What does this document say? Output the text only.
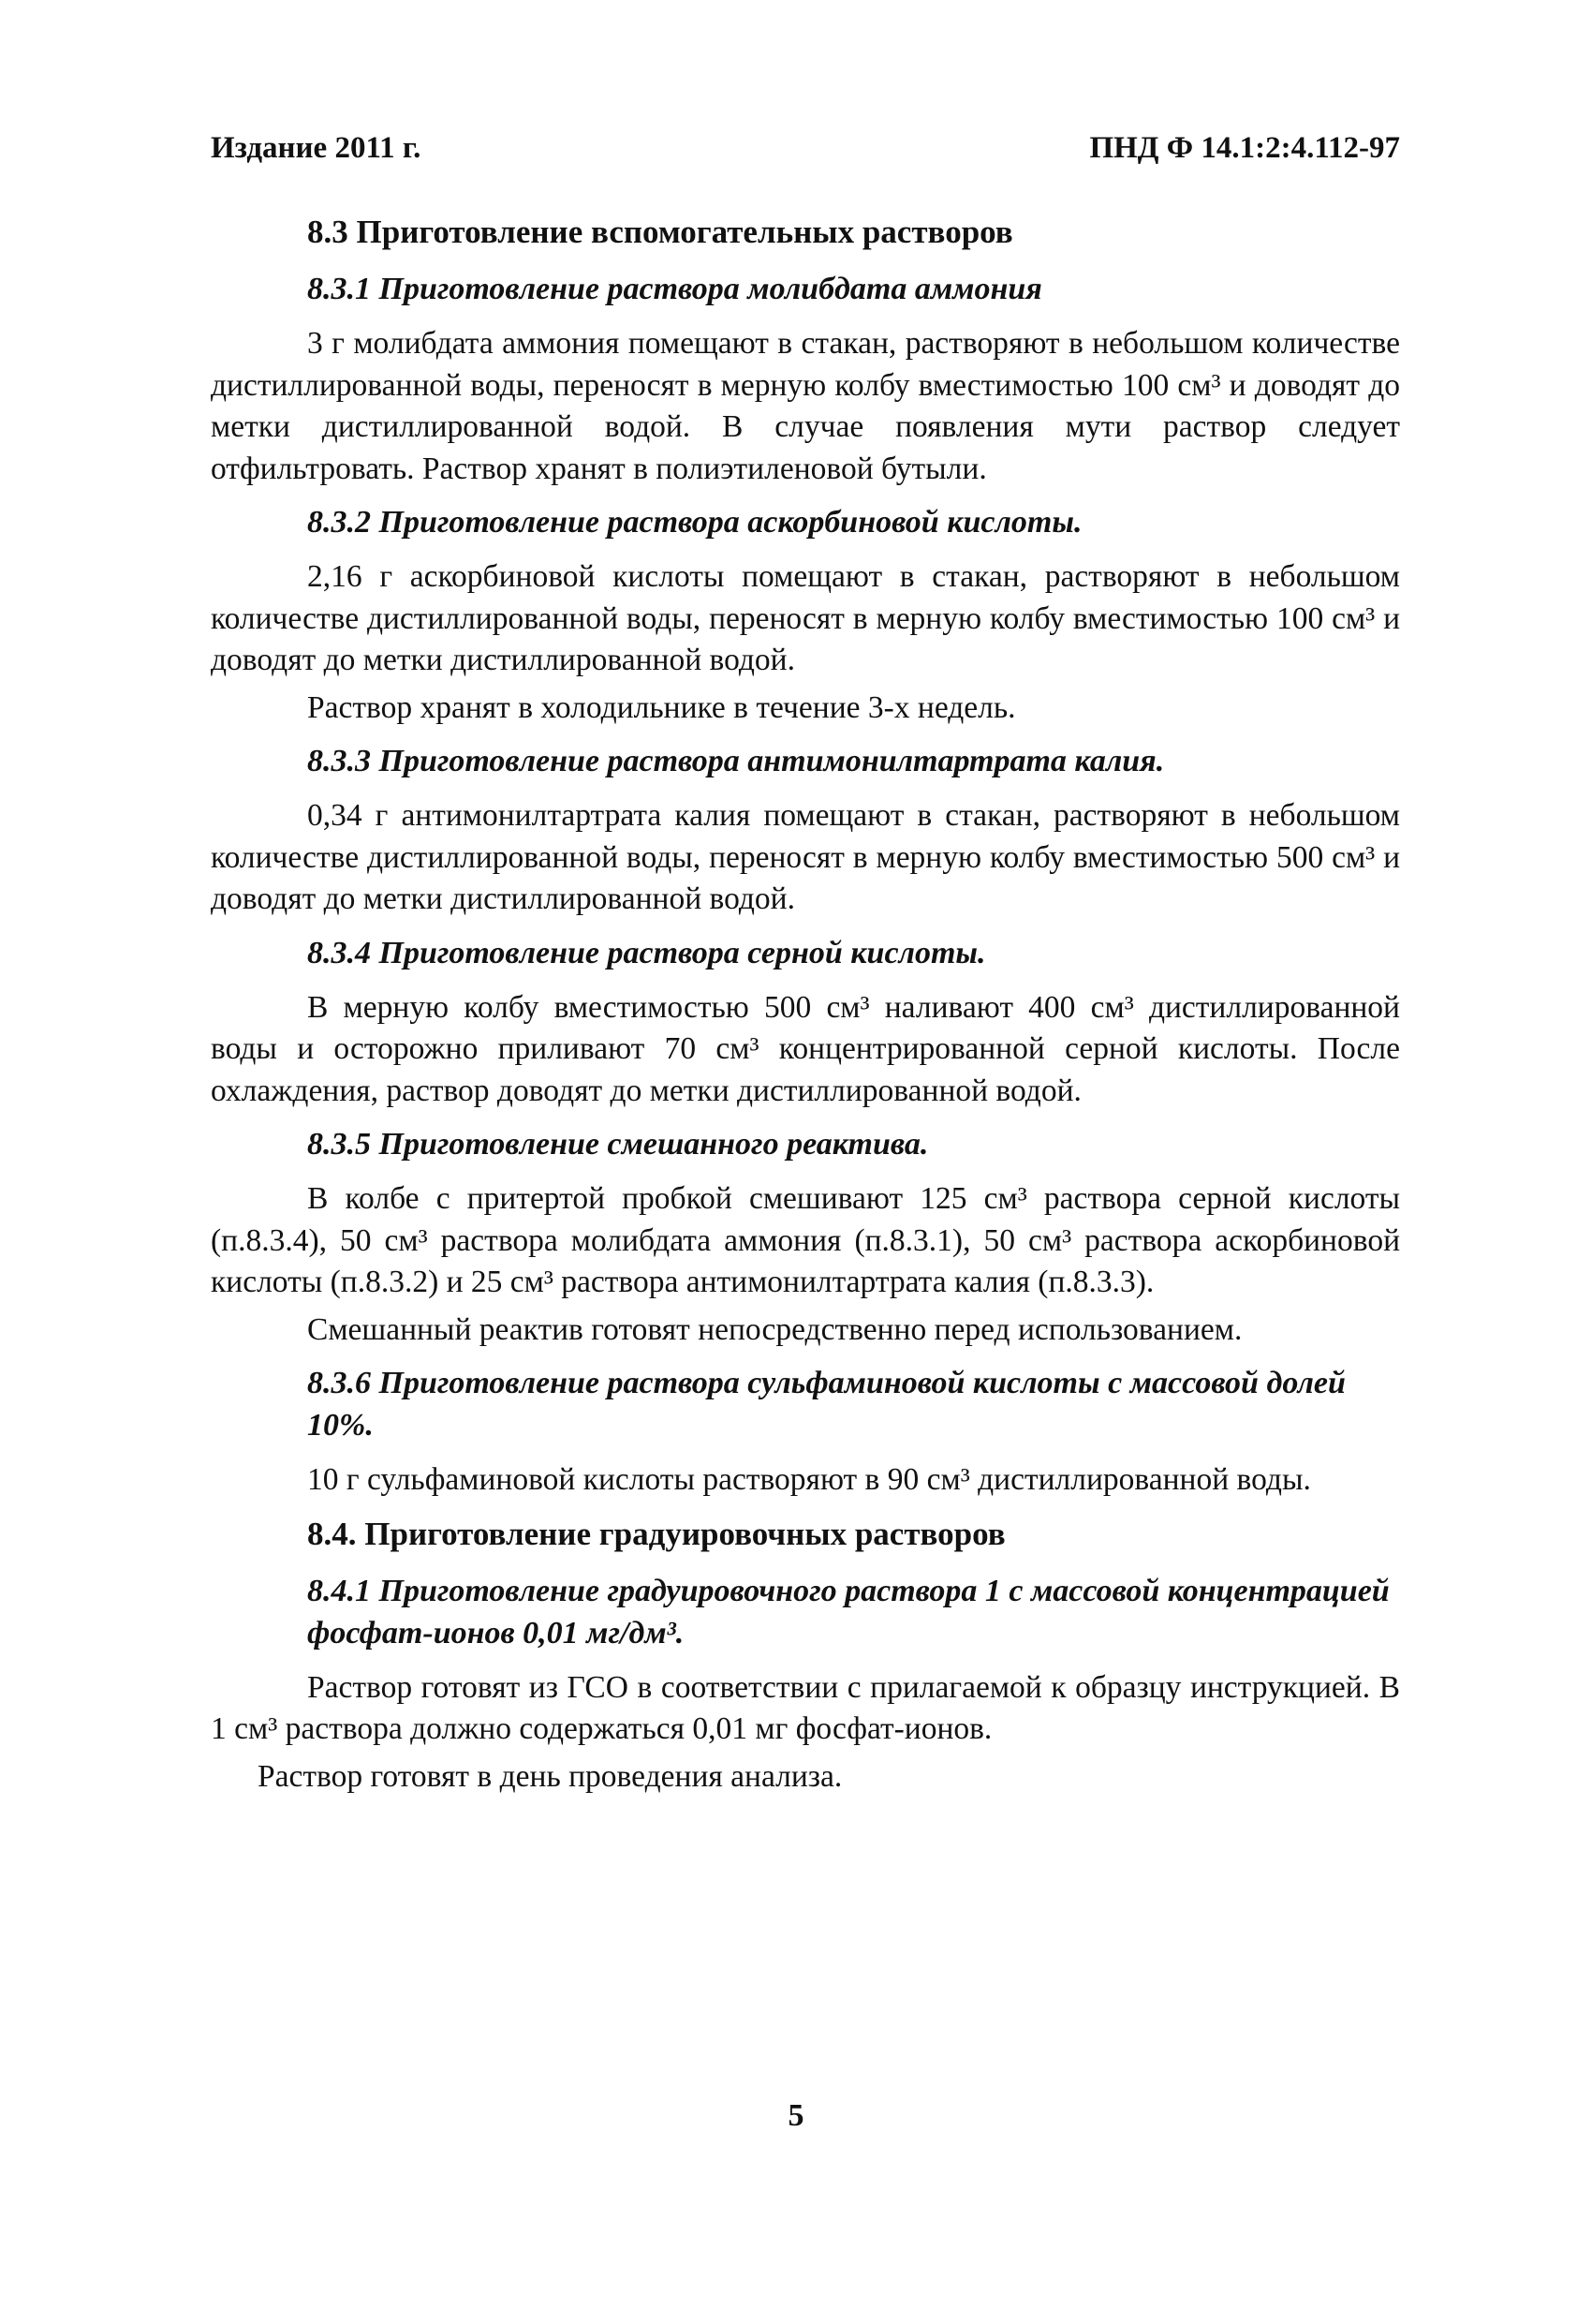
Издание 2011 г.	ПНД Ф 14.1:2:4.112-97
8.3 Приготовление вспомогательных растворов
8.3.1 Приготовление раствора молибдата аммония
3 г молибдата аммония помещают в стакан, растворяют в небольшом количестве дистиллированной воды, переносят в мерную колбу вместимостью 100 см³ и доводят до метки дистиллированной водой. В случае появления мути раствор следует отфильтровать. Раствор хранят в полиэтиленовой бутыли.
8.3.2 Приготовление раствора аскорбиновой кислоты.
2,16 г аскорбиновой кислоты помещают в стакан, растворяют в небольшом количестве дистиллированной воды, переносят в мерную колбу вместимостью 100 см³ и доводят до метки дистиллированной водой.
Раствор хранят в холодильнике в течение 3-х недель.
8.3.3 Приготовление раствора антимонилтартрата калия.
0,34 г антимонилтартрата калия помещают в стакан, растворяют в небольшом количестве дистиллированной воды, переносят в мерную колбу вместимостью 500 см³ и доводят до метки дистиллированной водой.
8.3.4 Приготовление раствора серной кислоты.
В мерную колбу вместимостью 500 см³ наливают 400 см³ дистиллированной воды и осторожно приливают 70 см³ концентрированной серной кислоты. После охлаждения, раствор доводят до метки дистиллированной водой.
8.3.5 Приготовление смешанного реактива.
В колбе с притертой пробкой смешивают 125 см³ раствора серной кислоты (п.8.3.4), 50 см³ раствора молибдата аммония (п.8.3.1), 50 см³ раствора аскорбиновой кислоты (п.8.3.2) и 25 см³ раствора антимонилтартрата калия (п.8.3.3).
Смешанный реактив готовят непосредственно перед использованием.
8.3.6 Приготовление раствора сульфаминовой кислоты с массовой долей 10%.
10 г сульфаминовой кислоты растворяют в 90 см³ дистиллированной воды.
8.4. Приготовление градуировочных растворов
8.4.1 Приготовление градуировочного раствора 1 с массовой концентрацией фосфат-ионов 0,01 мг/дм³.
Раствор готовят из ГСО в соответствии с прилагаемой к образцу инструкцией. В 1 см³ раствора должно содержаться 0,01 мг фосфат-ионов.
Раствор готовят в день проведения анализа.
5
